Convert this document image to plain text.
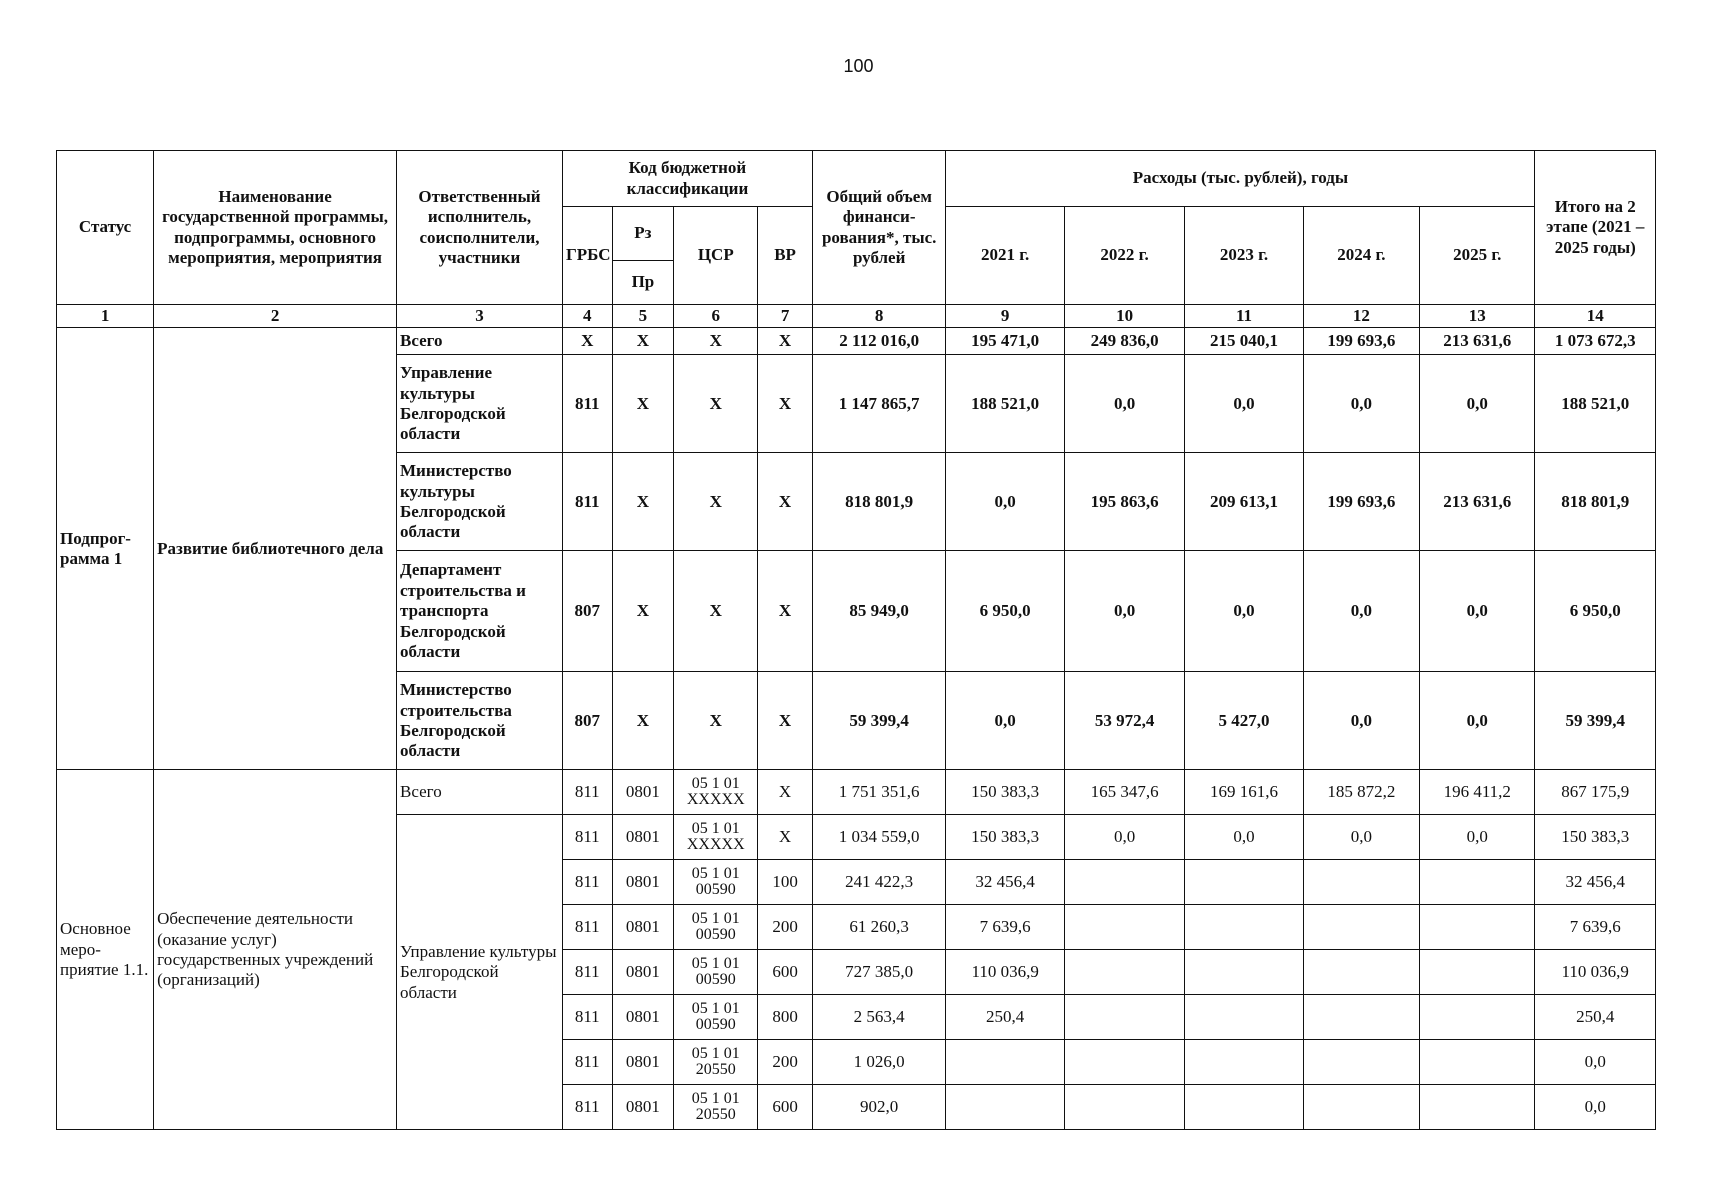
100
Статус	Наименование государственной программы, подпрограммы, основного мероприятия, мероприятия	Ответственный исполнитель, соисполнители, участники	Код бюджетной классификации				Общий объем финанси-рования*, тыс. рублей	Расходы (тыс. рублей), годы					Итого на 2 этапе (2021 – 2025 годы)
			ГРБС	Рз	ЦСР	ВР		2021 г.	2022 г.	2023 г.	2024 г.	2025 г.	
				Пр									
1	2	3	4	5	6	7	8	9	10	11	12	13	14
Подпрог-рамма 1	Развитие библиотечного дела	Всего	Х	Х	Х	Х	2 112 016,0	195 471,0	249 836,0	215 040,1	199 693,6	213 631,6	1 073 672,3
		Управление культуры Белгородской области	811	Х	Х	Х	1 147 865,7	188 521,0	0,0	0,0	0,0	0,0	188 521,0
		Министерство культуры Белгородской области	811	Х	Х	Х	818 801,9	0,0	195 863,6	209 613,1	199 693,6	213 631,6	818 801,9
		Департамент строительства и транспорта Белгородской области	807	Х	Х	Х	85 949,0	6 950,0	0,0	0,0	0,0	0,0	6 950,0
		Министерство строительства Белгородской области	807	Х	Х	Х	59 399,4	0,0	53 972,4	5 427,0	0,0	0,0	59 399,4
Основное меро-приятие 1.1.	Обеспечение деятельности (оказание услуг) государственных учреждений (организаций)	Всего	811	0801	05 1 01 ХХХХХ	Х	1 751 351,6	150 383,3	165 347,6	169 161,6	185 872,2	196 411,2	867 175,9
		Управление культуры Белгородской области	811	0801	05 1 01 ХХХХХ	Х	1 034 559,0	150 383,3	0,0	0,0	0,0	0,0	150 383,3
			811	0801	05 1 01 00590	100	241 422,3	32 456,4					32 456,4
			811	0801	05 1 01 00590	200	61 260,3	7 639,6					7 639,6
			811	0801	05 1 01 00590	600	727 385,0	110 036,9					110 036,9
			811	0801	05 1 01 00590	800	2 563,4	250,4					250,4
			811	0801	05 1 01 20550	200	1 026,0						0,0
			811	0801	05 1 01 20550	600	902,0						0,0
